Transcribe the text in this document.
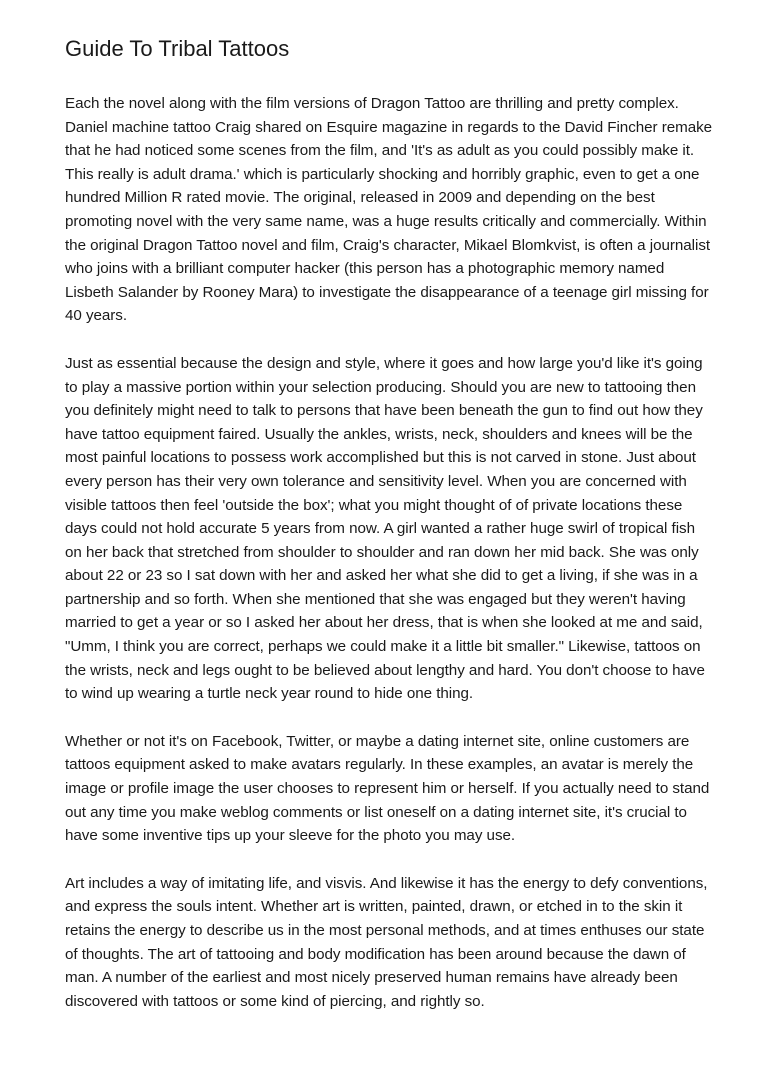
Guide To Tribal Tattoos

Each the novel along with the film versions of Dragon Tattoo are thrilling and pretty complex. Daniel machine tattoo Craig shared on Esquire magazine in regards to the David Fincher remake that he had noticed some scenes from the film, and 'It's as adult as you could possibly make it. This really is adult drama.' which is particularly shocking and horribly graphic, even to get a one hundred Million R rated movie. The original, released in 2009 and depending on the best promoting novel with the very same name, was a huge results critically and commercially. Within the original Dragon Tattoo novel and film, Craig's character, Mikael Blomkvist, is often a journalist who joins with a brilliant computer hacker (this person has a photographic memory named Lisbeth Salander by Rooney Mara) to investigate the disappearance of a teenage girl missing for 40 years.

Just as essential because the design and style, where it goes and how large you'd like it's going to play a massive portion within your selection producing. Should you are new to tattooing then you definitely might need to talk to persons that have been beneath the gun to find out how they have tattoo equipment faired. Usually the ankles, wrists, neck, shoulders and knees will be the most painful locations to possess work accomplished but this is not carved in stone. Just about every person has their very own tolerance and sensitivity level. When you are concerned with visible tattoos then feel 'outside the box'; what you might thought of of private locations these days could not hold accurate 5 years from now. A girl wanted a rather huge swirl of tropical fish on her back that stretched from shoulder to shoulder and ran down her mid back. She was only about 22 or 23 so I sat down with her and asked her what she did to get a living, if she was in a partnership and so forth. When she mentioned that she was engaged but they weren't having married to get a year or so I asked her about her dress, that is when she looked at me and said, "Umm, I think you are correct, perhaps we could make it a little bit smaller." Likewise, tattoos on the wrists, neck and legs ought to be believed about lengthy and hard. You don't choose to have to wind up wearing a turtle neck year round to hide one thing.

Whether or not it's on Facebook, Twitter, or maybe a dating internet site, online customers are tattoos equipment asked to make avatars regularly. In these examples, an avatar is merely the image or profile image the user chooses to represent him or herself. If you actually need to stand out any time you make weblog comments or list oneself on a dating internet site, it's crucial to have some inventive tips up your sleeve for the photo you may use.

Art includes a way of imitating life, and visvis. And likewise it has the energy to defy conventions, and express the souls intent. Whether art is written, painted, drawn, or etched in to the skin it retains the energy to describe us in the most personal methods, and at times enthuses our state of thoughts. The art of tattooing and body modification has been around because the dawn of man. A number of the earliest and most nicely preserved human remains have already been discovered with tattoos or some kind of piercing, and rightly so.
